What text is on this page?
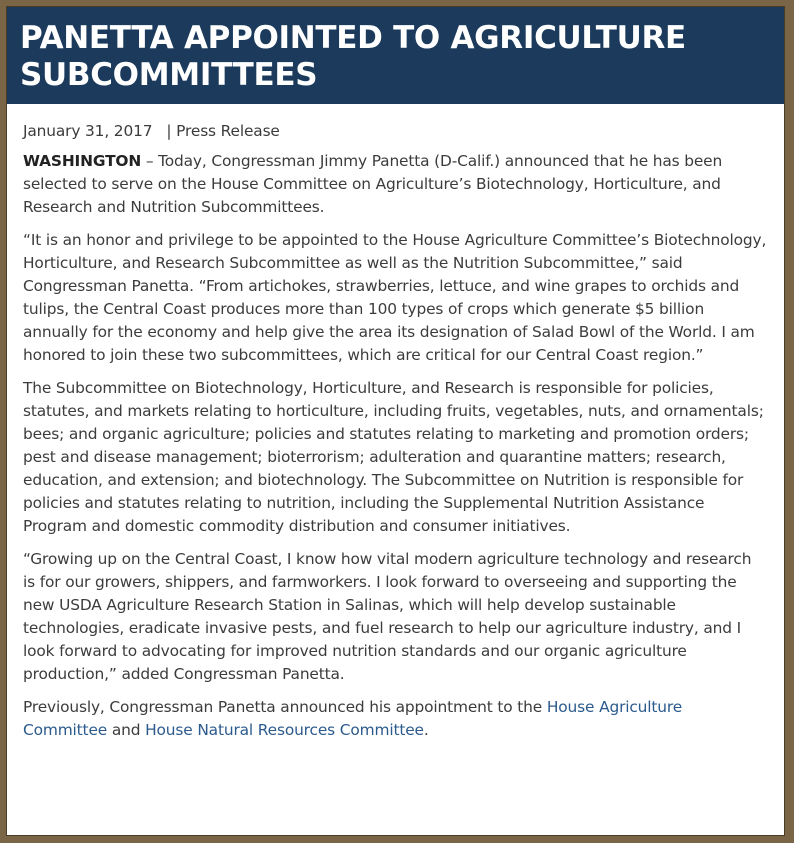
PANETTA APPOINTED TO AGRICULTURE SUBCOMMITTEES
January 31, 2017 | Press Release

WASHINGTON – Today, Congressman Jimmy Panetta (D-Calif.) announced that he has been selected to serve on the House Committee on Agriculture’s Biotechnology, Horticulture, and Research and Nutrition Subcommittees.

“It is an honor and privilege to be appointed to the House Agriculture Committee’s Biotechnology, Horticulture, and Research Subcommittee as well as the Nutrition Subcommittee,” said Congressman Panetta. “From artichokes, strawberries, lettuce, and wine grapes to orchids and tulips, the Central Coast produces more than 100 types of crops which generate $5 billion annually for the economy and help give the area its designation of Salad Bowl of the World. I am honored to join these two subcommittees, which are critical for our Central Coast region.”

The Subcommittee on Biotechnology, Horticulture, and Research is responsible for policies, statutes, and markets relating to horticulture, including fruits, vegetables, nuts, and ornamentals; bees; and organic agriculture; policies and statutes relating to marketing and promotion orders; pest and disease management; bioterrorism; adulteration and quarantine matters; research, education, and extension; and biotechnology. The Subcommittee on Nutrition is responsible for policies and statutes relating to nutrition, including the Supplemental Nutrition Assistance Program and domestic commodity distribution and consumer initiatives.

“Growing up on the Central Coast, I know how vital modern agriculture technology and research is for our growers, shippers, and farmworkers. I look forward to overseeing and supporting the new USDA Agriculture Research Station in Salinas, which will help develop sustainable technologies, eradicate invasive pests, and fuel research to help our agriculture industry, and I look forward to advocating for improved nutrition standards and our organic agriculture production,” added Congressman Panetta.

Previously, Congressman Panetta announced his appointment to the House Agriculture Committee and House Natural Resources Committee.
